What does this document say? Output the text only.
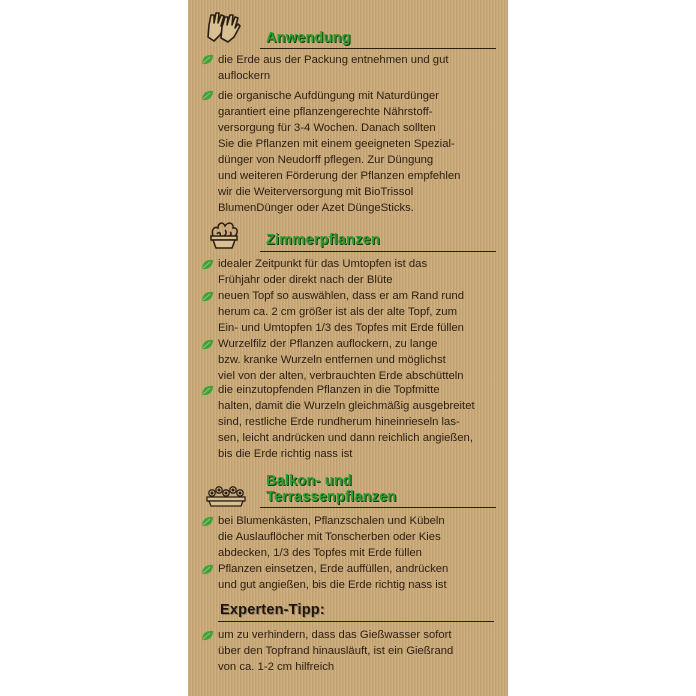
Anwendung
die Erde aus der Packung entnehmen und gut
auflockern
die organische Aufdüngung mit Naturdünger
garantiert eine pflanzengerechte Nährstoff-
versorgung für 3-4 Wochen. Danach sollten
Sie die Pflanzen mit einem geeigneten Spezial-
dünger von Neudorff pflegen. Zur Düngung
und weiteren Förderung der Pflanzen empfehlen
wir die Weiterversorgung mit BioTrissol
BlumenDünger oder Azet DüngeSticks.
Zimmerpflanzen
idealer Zeitpunkt für das Umtopfen ist das
Frühjahr oder direkt nach der Blüte
neuen Topf so auswählen, dass er am Rand rund
herum ca. 2 cm größer ist als der alte Topf, zum
Ein- und Umtopfen 1/3 des Topfes mit Erde füllen
Wurzelfilz der Pflanzen auflockern, zu lange
bzw. kranke Wurzeln entfernen und möglichst
viel von der alten, verbrauchten Erde abschütteln
die einzutopfenden Pflanzen in die Topfmitte
halten, damit die Wurzeln gleichmäßig ausgebreitet
sind, restliche Erde rundherum hineinrieseln las-
sen, leicht andrücken und dann reichlich angießen,
bis die Erde richtig nass ist
Balkon- und
Terrassenpflanzen
bei Blumenkästen, Pflanzschalen und Kübeln
die Auslauflöcher mit Tonscherben oder Kies
abdecken, 1/3 des Topfes mit Erde füllen
Pflanzen einsetzen, Erde auffüllen, andrücken
und gut angießen, bis die Erde richtig nass ist
Experten-Tipp:
um zu verhindern, dass das Gießwasser sofort
über den Topfrand hinausläuft, ist ein Gießrand
von ca. 1-2 cm hilfreich
